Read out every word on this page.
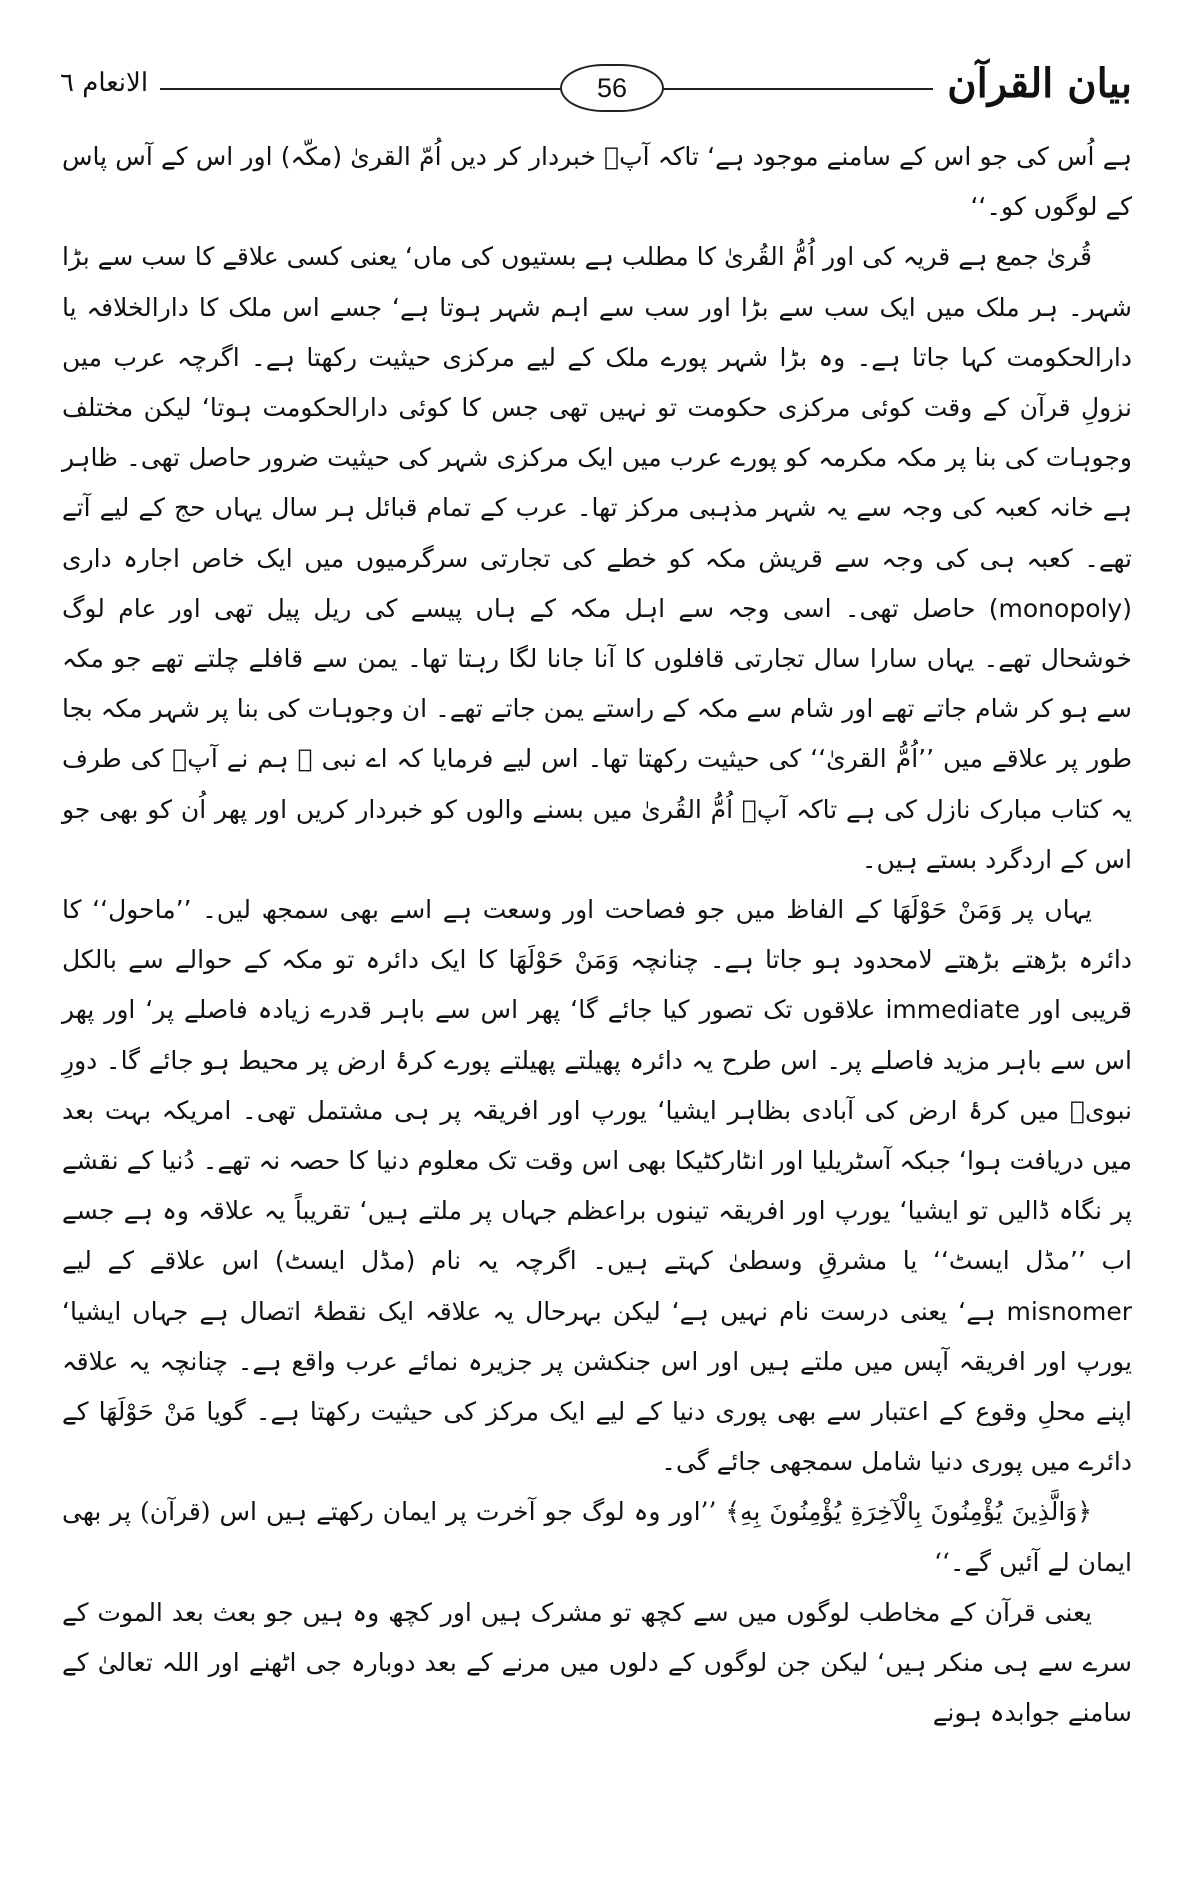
بیان القرآن
الانعام ٦	56

ہے اُس کی جو اس کے سامنے موجود ہے‘ تاکہ آپؐ خبردار کر دیں اُمّ القریٰ (مکّہ) اور اس کے آس پاس کے لوگوں کو۔‘‘

قُریٰ جمع ہے قریہ کی اور اُمُّ القُریٰ کا مطلب ہے بستیوں کی ماں‘ یعنی کسی علاقے کا سب سے بڑا شہر۔ ہر ملک میں ایک سب سے بڑا اور سب سے اہم شہر ہوتا ہے‘ جسے اس ملک کا دارالخلافہ یا دارالحکومت کہا جاتا ہے۔ وہ بڑا شہر پورے ملک کے لیے مرکزی حیثیت رکھتا ہے۔ اگرچہ عرب میں نزولِ قرآن کے وقت کوئی مرکزی حکومت تو نہیں تھی جس کا کوئی دارالحکومت ہوتا‘ لیکن مختلف وجوہات کی بنا پر مکہ مکرمہ کو پورے عرب میں ایک مرکزی شہر کی حیثیت ضرور حاصل تھی۔ ظاہر ہے خانہ کعبہ کی وجہ سے یہ شہر مذہبی مرکز تھا۔ عرب کے تمام قبائل ہر سال یہاں حج کے لیے آتے تھے۔ کعبہ ہی کی وجہ سے قریش مکہ کو خطے کی تجارتی سرگرمیوں میں ایک خاص اجارہ داری (monopoly) حاصل تھی۔ اسی وجہ سے اہل مکہ کے ہاں پیسے کی ریل پیل تھی اور عام لوگ خوشحال تھے۔ یہاں سارا سال تجارتی قافلوں کا آنا جانا لگا رہتا تھا۔ یمن سے قافلے چلتے تھے جو مکہ سے ہو کر شام جاتے تھے اور شام سے مکہ کے راستے یمن جاتے تھے۔ ان وجوہات کی بنا پر شہر مکہ بجا طور پر علاقے میں ’’اُمُّ القریٰ‘‘ کی حیثیت رکھتا تھا۔ اس لیے فرمایا کہ اے نبی ﷺ ہم نے آپؐ کی طرف یہ کتاب مبارک نازل کی ہے تاکہ آپؐ اُمُّ القُریٰ میں بسنے والوں کو خبردار کریں اور پھر اُن کو بھی جو اس کے اردگرد بستے ہیں۔

یہاں پر وَمَنْ حَوْلَهَا کے الفاظ میں جو فصاحت اور وسعت ہے اسے بھی سمجھ لیں۔ ’’ماحول‘‘ کا دائرہ بڑھتے بڑھتے لامحدود ہو جاتا ہے۔ چنانچہ وَمَنْ حَوْلَهَا کا ایک دائرہ تو مکہ کے حوالے سے بالکل قریبی اور immediate علاقوں تک تصور کیا جائے گا‘ پھر اس سے باہر قدرے زیادہ فاصلے پر‘ اور پھر اس سے باہر مزید فاصلے پر۔ اس طرح یہ دائرہ پھیلتے پھیلتے پورے کرۂ ارض پر محیط ہو جائے گا۔ دورِ نبویؐ میں کرۂ ارض کی آبادی بظاہر ایشیا‘ یورپ اور افریقہ پر ہی مشتمل تھی۔ امریکہ بہت بعد میں دریافت ہوا‘ جبکہ آسٹریلیا اور انٹارکٹیکا بھی اس وقت تک معلوم دنیا کا حصہ نہ تھے۔ دُنیا کے نقشے پر نگاہ ڈالیں تو ایشیا‘ یورپ اور افریقہ تینوں براعظم جہاں پر ملتے ہیں‘ تقریباً یہ علاقہ وہ ہے جسے اب ’’مڈل ایسٹ‘‘ یا مشرقِ وسطیٰ کہتے ہیں۔ اگرچہ یہ نام (مڈل ایسٹ) اس علاقے کے لیے misnomer ہے‘ یعنی درست نام نہیں ہے‘ لیکن بہرحال یہ علاقہ ایک نقطۂ اتصال ہے جہاں ایشیا‘ یورپ اور افریقہ آپس میں ملتے ہیں اور اس جنکشن پر جزیرہ نمائے عرب واقع ہے۔ چنانچہ یہ علاقہ اپنے محلِ وقوع کے اعتبار سے بھی پوری دنیا کے لیے ایک مرکز کی حیثیت رکھتا ہے۔ گویا مَنْ حَوْلَهَا کے دائرے میں پوری دنیا شامل سمجھی جائے گی۔

﴿وَالَّذِينَ يُؤْمِنُونَ بِالْآخِرَةِ يُؤْمِنُونَ بِهِ﴾ ’’اور وہ لوگ جو آخرت پر ایمان رکھتے ہیں اس (قرآن) پر بھی ایمان لے آئیں گے۔‘‘

یعنی قرآن کے مخاطب لوگوں میں سے کچھ تو مشرک ہیں اور کچھ وہ ہیں جو بعث بعد الموت کے سرے سے ہی منکر ہیں‘ لیکن جن لوگوں کے دلوں میں مرنے کے بعد دوبارہ جی اٹھنے اور اللہ تعالیٰ کے سامنے جوابدہ ہونے
